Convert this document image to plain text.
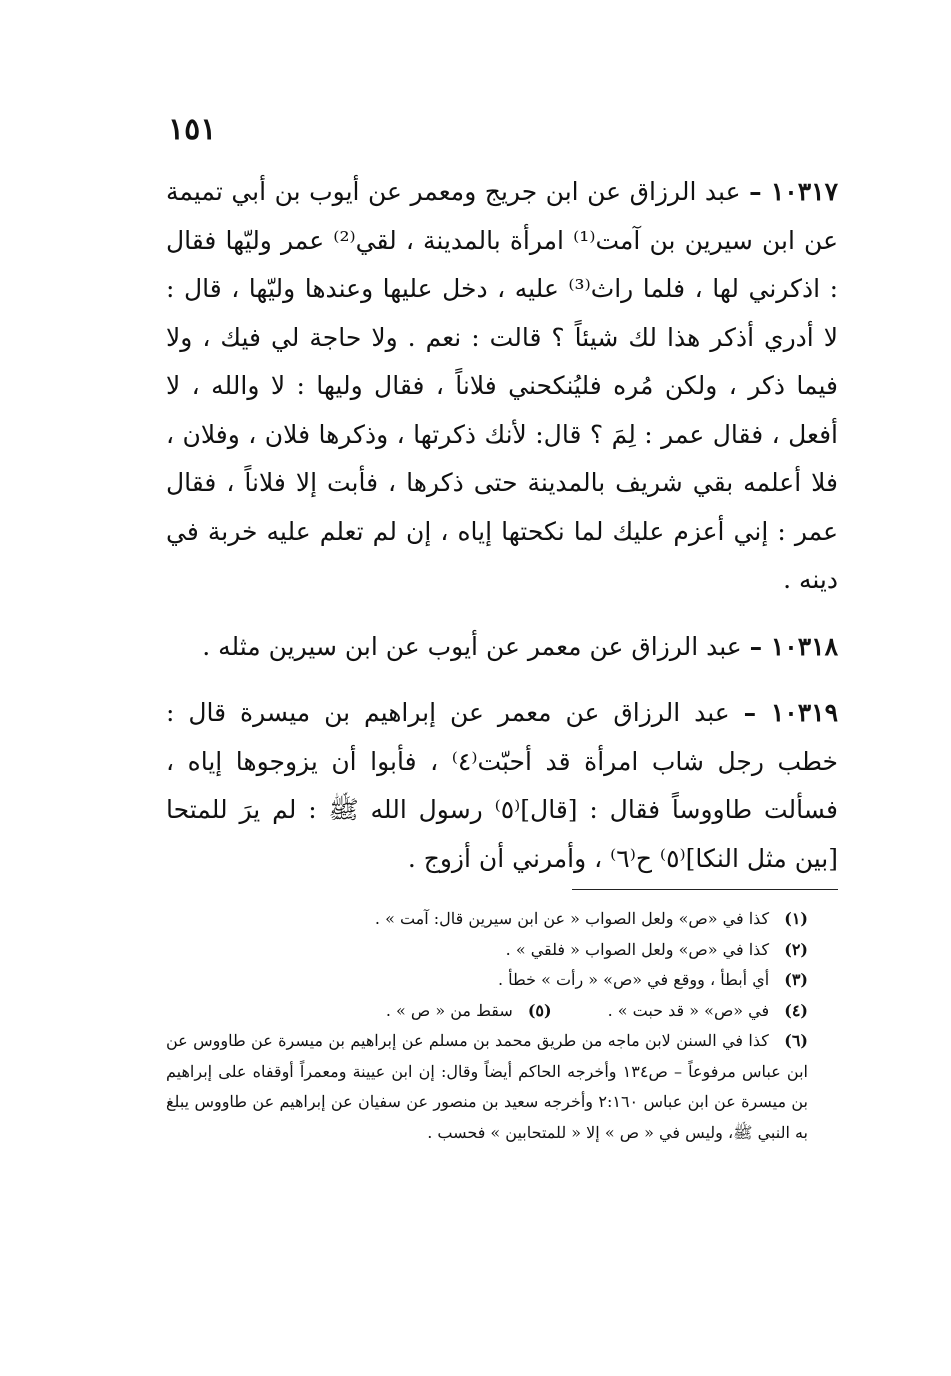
١٥١

١٠٣١٧ – عبد الرزاق عن ابن جريج ومعمر عن أيوب بن أبي تميمة عن ابن سيرين بن آمت⁽¹⁾ امرأة بالمدينة ، لقي⁽²⁾ عمر وليّها فقال : اذكرني لها ، فلما راث⁽³⁾ عليه ، دخل عليها وعندها وليّها ، قال : لا أدري أذكر هذا لك شيئاً ؟ قالت : نعم . ولا حاجة لي فيك ، ولا فيما ذكر ، ولكن مُره فليُنكحني فلاناً ، فقال وليها : لا والله ، لا أفعل ، فقال عمر : لِمَ ؟ قال: لأنك ذكرتها ، وذكرها فلان ، وفلان ، فلا أعلمه بقي شريف بالمدينة حتى ذكرها ، فأبت إلا فلاناً ، فقال عمر : إني أعزم عليك لما نكحتها إياه ، إن لم تعلم عليه خربة في دينه .

١٠٣١٨ – عبد الرزاق عن معمر عن أيوب عن ابن سيرين مثله .

١٠٣١٩ – عبد الرزاق عن معمر عن إبراهيم بن ميسرة قال : خطب رجل شاب امرأة قد أحبّت⁽٤⁾ ، فأبوا أن يزوجوها إياه ، فسألت طاووساً فقال : [قال]⁽٥⁾ رسول الله ﷺ : لم يرَ للمتحا [بين مثل النكا]⁽٥⁾ ح⁽٦⁾ ، وأمرني أن أزوج .

(١) كذا في «ص» ولعل الصواب « عن ابن سيرين قال: آمت » .

(٢) كذا في «ص» ولعل الصواب « فلقي » .

(٣) أي أبطأ ، ووقع في «ص» « رأت » خطأ .

(٤) في «ص» « قد حبت » .

(٥) سقط من « ص » .

(٦) كذا في السنن لابن ماجه من طريق محمد بن مسلم عن إبراهيم بن ميسرة عن طاووس عن ابن عباس مرفوعاً – ص١٣٤ وأخرجه الحاكم أيضاً وقال: إن ابن عيينة ومعمراً أوقفاه على إبراهيم بن ميسرة عن ابن عباس ٢:١٦٠ وأخرجه سعيد بن منصور عن سفيان عن إبراهيم عن طاووس يبلغ به النبي ﷺ، وليس في « ص » إلا « للمتحابين » فحسب .
